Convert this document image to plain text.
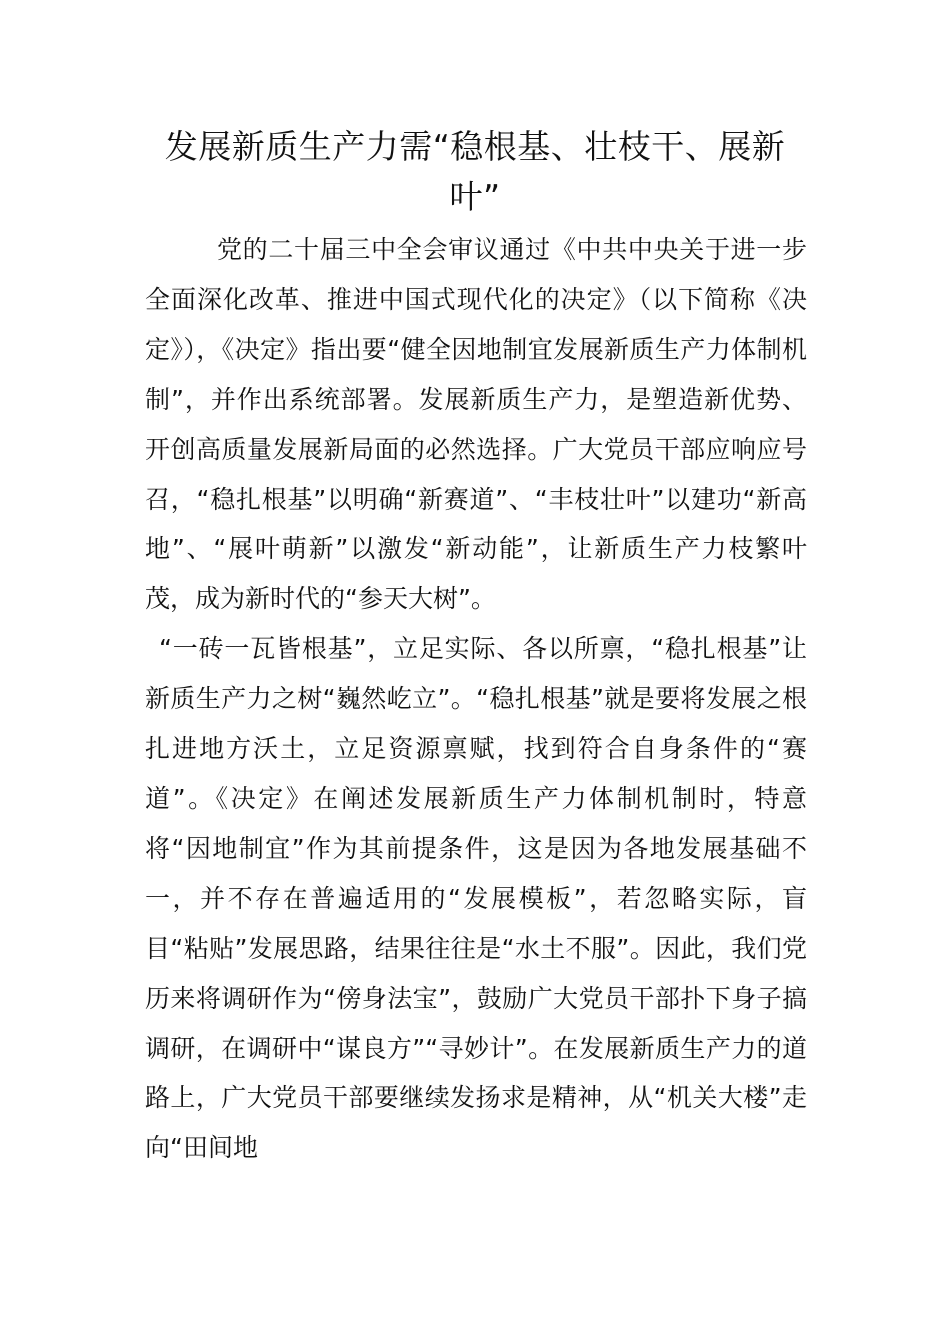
发展新质生产力需“稳根基、壮枝干、展新叶”

党的二十届三中全会审议通过《中共中央关于进一步全面深化改革、推进中国式现代化的决定》（以下简称《决定》），《决定》指出要“健全因地制宜发展新质生产力体制机制”，并作出系统部署。发展新质生产力，是塑造新优势、开创高质量发展新局面的必然选择。广大党员干部应响应号召，“稳扎根基”以明确“新赛道”、“丰枝壮叶”以建功“新高地”、“展叶萌新”以激发“新动能”，让新质生产力枝繁叶茂，成为新时代的“参天大树”。

“一砖一瓦皆根基”，立足实际、各以所禀，“稳扎根基”让新质生产力之树“巍然屹立”。“稳扎根基”就是要将发展之根扎进地方沃土，立足资源禀赋，找到符合自身条件的“赛道”。《决定》在阐述发展新质生产力体制机制时，特意将“因地制宜”作为其前提条件，这是因为各地发展基础不一，并不存在普遍适用的“发展模板”，若忽略实际，盲目“粘贴”发展思路，结果往往是“水土不服”。因此，我们党历来将调研作为“傍身法宝”，鼓励广大党员干部扑下身子搞调研，在调研中“谋良方”“寻妙计”。在发展新质生产力的道路上，广大党员干部要继续发扬求是精神，从“机关大楼”走向“田间地
